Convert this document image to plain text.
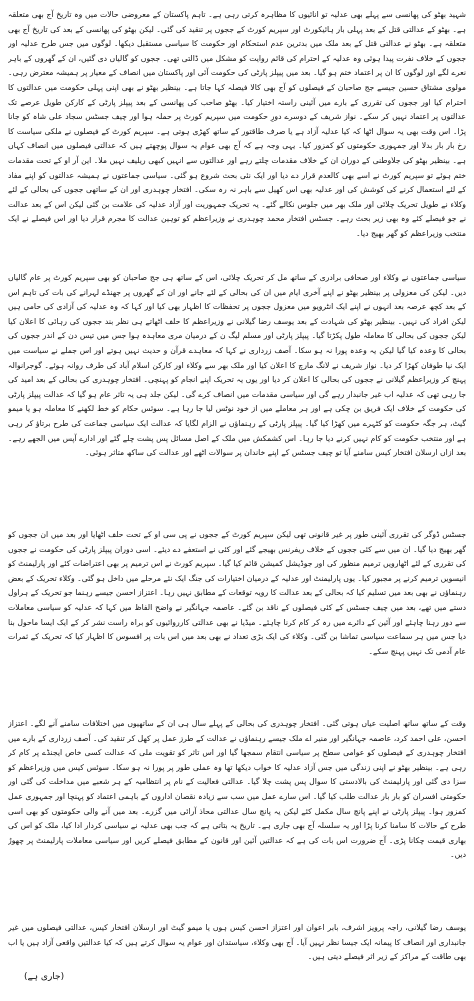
شہید بھٹو کی پھانسی سے پہلے بھی عدلیہ تو انائیوں کا مظاہرہ کرتی رہی ہے۔ تاہم پاکستان کے معروضی حالات میں وہ تاریخ آج بھی متعلقہ ہے۔ بھٹو کے عدالتی قتل کے بعد پہلی بار ہائیکورٹ اور سپریم کورٹ کے ججوں پر تنقید کی گئی۔ لیکن بھٹو کی پھانسی کے بعد کی تاریخ آج بھی متعلقہ ہے۔ بھٹو نے عدالتی قتل کے بعد ملک میں بدترین عدم استحکام اور حکومت کا سیاسی مستقبل دیکھا۔ لوگوں میں جس طرح عدلیہ اور ججوں کے خلاف نفرت پیدا ہوئی وہ عدلیہ کے احترام کی قائم روایت کو مشکل میں ڈالتی تھی۔ ججوں کو گالیاں دی گئیں، ان کے گھروں کے باہر نعرے لگے اور لوگوں کا ان پر اعتماد ختم ہو گیا۔ بعد میں پیپلز پارٹی کی حکومت آئی اور پاکستان میں انصاف کے معیار پر ہمیشہ معترض رہی۔ مولوی مشتاق حسین جیسے جج صاحبان کے فیصلوں کو آج بھی کالا فیصلہ کہا جاتا ہے۔ بینظیر بھٹو نے بھی اپنی پہلی حکومت میں عدالتوں کا احترام کیا اور ججوں کی تقرری کے بارے میں آئینی راستہ اختیار کیا۔ بھٹو صاحب کی پھانسی کے بعد پیپلز پارٹی کے کارکن طویل عرصے تک عدالتوں پر اعتماد نہیں کر سکے۔ نواز شریف کے دوسرے دورِ حکومت میں سپریم کورٹ پر حملہ ہوا اور چیف جسٹس سجاد علی شاہ کو جانا پڑا۔ اس وقت بھی یہ سوال اٹھا کہ کیا عدلیہ آزاد ہے یا صرف طاقتور کے ساتھ کھڑی ہوتی ہے۔ سپریم کورٹ کے فیصلوں نے ملکی سیاست کا رخ بار بار بدلا اور جمہوری حکومتوں کو کمزور کیا۔ یہی وجہ ہے کہ آج بھی عوام یہ سوال پوچھتے ہیں کہ عدالتی فیصلوں میں انصاف کہاں ہے۔ بینظیر بھٹو کی جلاوطنی کے دوران ان کے خلاف مقدمات چلتے رہے اور عدالتوں سے انہیں کبھی ریلیف نہیں ملا۔ این آر او کے تحت مقدمات ختم ہوئے تو سپریم کورٹ نے اسے بھی کالعدم قرار دے دیا اور ایک نئی بحث شروع ہو گئی۔ سیاسی جماعتوں نے ہمیشہ عدالتوں کو اپنے مفاد کے لئے استعمال کرنے کی کوشش کی اور عدلیہ بھی اس کھیل سے باہر نہ رہ سکی۔ افتخار چوہدری اور ان کے ساتھی ججوں کی بحالی کے لئے وکلاء نے طویل تحریک چلائی اور ملک بھر میں جلوس نکالے گئے۔ یہ تحریک جمہوریت اور آزاد عدلیہ کی علامت بن گئی لیکن اس کے بعد عدالت نے جو فیصلے کئے وہ بھی زیر بحث رہے۔ جسٹس افتخار محمد چوہدری نے وزیراعظم کو توہین عدالت کا مجرم قرار دیا اور اس فیصلے نے ایک منتخب وزیراعظم کو گھر بھیج دیا۔

سیاسی جماعتوں نے وکلاء اور صحافی برادری کے ساتھ مل کر تحریک چلائی، اس کے ساتھ ہی جج صاحبان کو بھی سپریم کورٹ پر عام گالیاں دیں۔ لیکن کی معزولی پر بینظیر بھٹو نے اپنے آخری ایام میں ان کی بحالی کے لئے جانے اور ان کے گھروں پر جھنڈے لہرانے کی بات کی تاہم اس کے بعد کچھ عرصہ بعد انہوں نے اپنے ایک انٹرویو میں معزول ججوں پر تحفظات کا اظہار بھی کیا اور کہا کہ وہ عدلیہ کی آزادی کی حامی ہیں لیکن افراد کی نہیں۔ بینظیر بھٹو کی شہادت کے بعد یوسف رضا گیلانی نے وزیراعظم کا حلف اٹھاتے ہی نظر بند ججوں کی رہائی کا اعلان کیا لیکن ججوں کی بحالی کا معاملہ طول پکڑتا گیا۔ پیپلز پارٹی اور مسلم لیگ ن کے درمیان مری معاہدہ ہوا جس میں تیس دن کے اندر ججوں کی بحالی کا وعدہ کیا گیا لیکن یہ وعدہ پورا نہ ہو سکا۔ آصف زرداری نے کہا کہ معاہدے قرآن و حدیث نہیں ہوتے اور اس جملے نے سیاست میں ایک نیا طوفان کھڑا کر دیا۔ نواز شریف نے لانگ مارچ کا اعلان کیا اور ملک بھر سے وکلاء اور کارکن اسلام آباد کی طرف روانہ ہوئے۔ گوجرانوالہ پہنچ کر وزیراعظم گیلانی نے ججوں کی بحالی کا اعلان کر دیا اور یوں یہ تحریک اپنے انجام کو پہنچی۔ افتخار چوہدری کی بحالی کے بعد امید کی جا رہی تھی کہ عدلیہ اب غیر جانبدار رہے گی اور سیاسی مقدمات میں انصاف کرے گی۔ لیکن جلد ہی یہ تاثر عام ہو گیا کہ عدالت پیپلز پارٹی کی حکومت کے خلاف ایک فریق بن چکی ہے اور ہر معاملے میں از خود نوٹس لیا جا رہا ہے۔ سوئس حکام کو خط لکھنے کا معاملہ ہو یا میمو گیٹ، ہر جگہ حکومت کو کٹہرے میں کھڑا کیا گیا۔ پیپلز پارٹی کے رہنماؤں نے الزام لگایا کہ عدالت ایک سیاسی جماعت کی طرح برتاؤ کر رہی ہے اور منتخب حکومت کو کام نہیں کرنے دیا جا رہا۔ اس کشمکش میں ملک کے اصل مسائل پس پشت چلے گئے اور ادارے آپس میں الجھے رہے۔ بعد ازاں ارسلان افتخار کیس سامنے آیا تو چیف جسٹس کے اپنے خاندان پر سوالات اٹھے اور عدالت کی ساکھ متاثر ہوئی۔

جسٹس ڈوگر کی تقرری آئینی طور پر غیر قانونی تھی لیکن سپریم کورٹ کے ججوں نے پی سی او کے تحت حلف اٹھایا اور بعد میں ان ججوں کو گھر بھیج دیا گیا۔ ان میں سے کئی ججوں کے خلاف ریفرنس بھیجے گئے اور کئی نے استعفے دے دیئے۔ اسی دوران پیپلز پارٹی کی حکومت نے ججوں کی تقرری کے لئے اٹھارویں ترمیم منظور کی اور جوڈیشل کمیشن قائم کیا گیا۔ سپریم کورٹ نے اس ترمیم پر بھی اعتراضات کئے اور پارلیمنٹ کو انیسویں ترمیم کرنے پر مجبور کیا۔ یوں پارلیمنٹ اور عدلیہ کے درمیان اختیارات کی جنگ ایک نئے مرحلے میں داخل ہو گئی۔ وکلاء تحریک کے بعض رہنماؤں نے بھی بعد میں تسلیم کیا کہ بحالی کے بعد عدالت کا رویہ توقعات کے مطابق نہیں رہا۔ اعتزاز احسن جیسے رہنما جو تحریک کے ہراول دستے میں تھے، بعد میں چیف جسٹس کے کئی فیصلوں کے ناقد بن گئے۔ عاصمہ جہانگیر نے واضح الفاظ میں کہا کہ عدلیہ کو سیاسی معاملات سے دور رہنا چاہئے اور آئین کے دائرے میں رہ کر کام کرنا چاہئے۔ میڈیا نے بھی عدالتی کارروائیوں کو براہ راست نشر کر کے ایک ایسا ماحول بنا دیا جس میں ہر سماعت سیاسی تماشا بن گئی۔ وکلاء کی ایک بڑی تعداد نے بھی بعد میں اس بات پر افسوس کا اظہار کیا کہ تحریک کے ثمرات عام آدمی تک نہیں پہنچ سکے۔

وقت کے ساتھ ساتھ اصلیت عیاں ہوتی گئی۔ افتخار چوہدری کی بحالی کے پہلے سال ہی ان کے ساتھیوں میں اختلافات سامنے آنے لگے۔ اعتزاز احسن، علی احمد کرد، عاصمہ جہانگیر اور منیر اے ملک جیسے رہنماؤں نے عدالت کے طرز عمل پر کھل کر تنقید کی۔ آصف زرداری کے بارے میں افتخار چوہدری کے فیصلوں کو عوامی سطح پر سیاسی انتقام سمجھا گیا اور اس تاثر کو تقویت ملی کہ عدالت کسی خاص ایجنڈے پر کام کر رہی ہے۔ بینظیر بھٹو نے اپنی زندگی میں جس آزاد عدلیہ کا خواب دیکھا تھا وہ عملی طور پر پورا نہ ہو سکا۔ سوئس کیس میں وزیراعظم کو سزا دی گئی اور پارلیمنٹ کی بالادستی کا سوال پس پشت چلا گیا۔ عدالتی فعالیت کے نام پر انتظامیہ کے ہر شعبے میں مداخلت کی گئی اور حکومتی افسران کو بار بار عدالت طلب کیا گیا۔ اس سارے عمل میں سب سے زیادہ نقصان اداروں کے باہمی اعتماد کو پہنچا اور جمہوری عمل کمزور ہوا۔ پیپلز پارٹی نے اپنے پانچ سال مکمل کئے لیکن یہ پانچ سال عدالتی محاذ آرائی میں گزرے۔ بعد میں آنے والی حکومتوں کو بھی اسی طرح کے حالات کا سامنا کرنا پڑا اور یہ سلسلہ آج بھی جاری ہے۔ تاریخ یہ بتاتی ہے کہ جب بھی عدلیہ نے سیاسی کردار ادا کیا، ملک کو اس کی بھاری قیمت چکانا پڑی۔ آج ضرورت اس بات کی ہے کہ عدالتیں آئین اور قانون کے مطابق فیصلے کریں اور سیاسی معاملات پارلیمنٹ پر چھوڑ دیں۔

یوسف رضا گیلانی، راجہ پرویز اشرف، بابر اعوان اور اعتزاز احسن کیس ہوں یا میمو گیٹ اور ارسلان افتخار کیس، عدالتی فیصلوں میں غیر جانبداری اور انصاف کا پیمانہ ایک جیسا نظر نہیں آیا۔ آج بھی وکلاء، سیاستدان اور عوام یہ سوال کرتے ہیں کہ کیا عدالتیں واقعی آزاد ہیں یا اب بھی طاقت کے مراکز کے زیر اثر فیصلے دیتی ہیں۔

(جاری ہے)
